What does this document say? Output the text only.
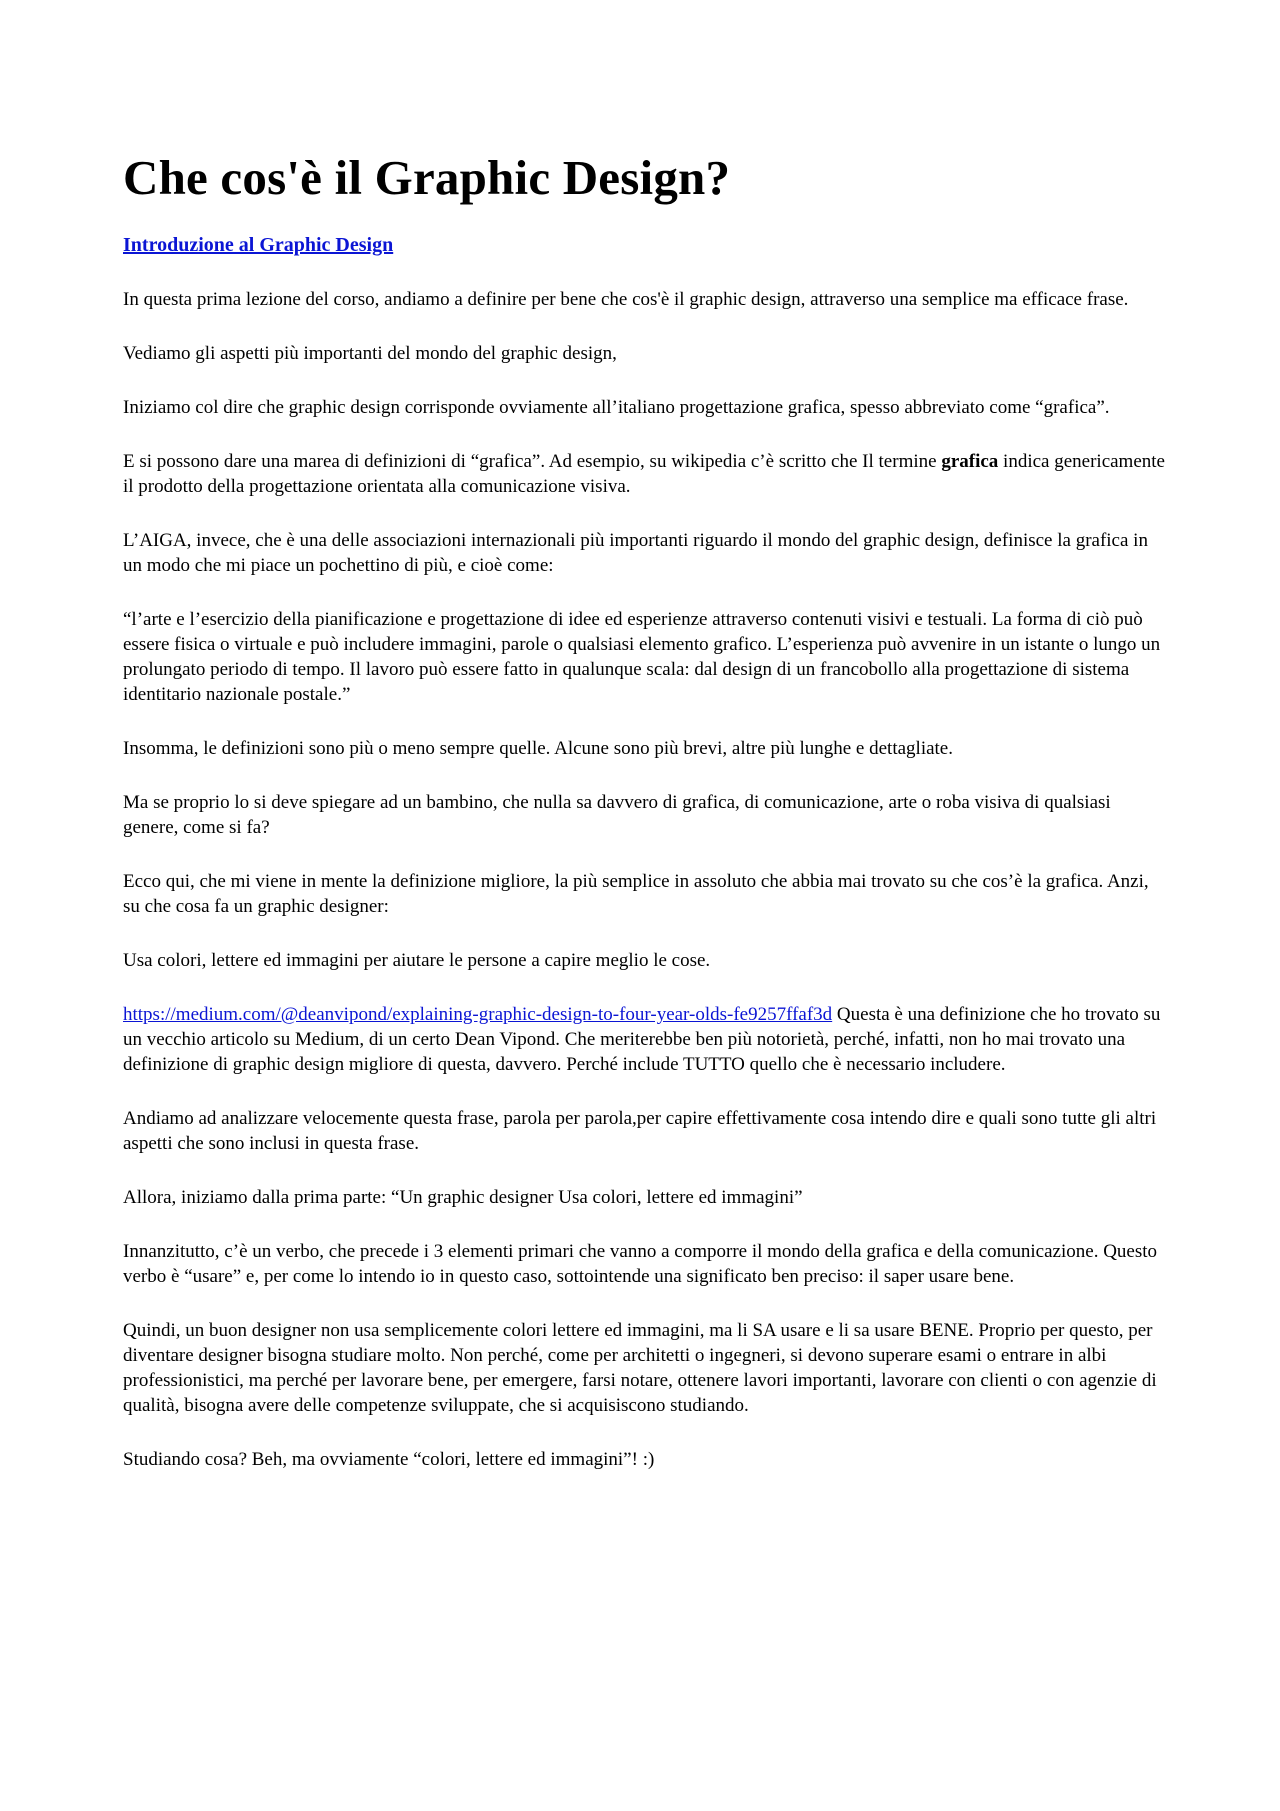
Che cos'è il Graphic Design?
Introduzione al Graphic Design

In questa prima lezione del corso, andiamo a definire per bene che cos'è il graphic design, attraverso una semplice ma efficace frase.

Vediamo gli aspetti più importanti del mondo del graphic design,

Iniziamo col dire che graphic design corrisponde ovviamente all’italiano progettazione grafica, spesso abbreviato come “grafica”.

E si possono dare una marea di definizioni di “grafica”. Ad esempio, su wikipedia c’è scritto che Il termine grafica indica genericamente il prodotto della progettazione orientata alla comunicazione visiva.

L’AIGA, invece, che è una delle associazioni internazionali più importanti riguardo il mondo del graphic design, definisce la grafica in un modo che mi piace un pochettino di più, e cioè come:

“l’arte e l’esercizio della pianificazione e progettazione di idee ed esperienze attraverso contenuti visivi e testuali. La forma di ciò può essere fisica o virtuale e può includere immagini, parole o qualsiasi elemento grafico. L’esperienza può avvenire in un istante o lungo un prolungato periodo di tempo. Il lavoro può essere fatto in qualunque scala: dal design di un francobollo alla progettazione di sistema identitario nazionale postale.”

Insomma, le definizioni sono più o meno sempre quelle. Alcune sono più brevi, altre più lunghe e dettagliate.

Ma se proprio lo si deve spiegare ad un bambino, che nulla sa davvero di grafica, di comunicazione, arte o roba visiva di qualsiasi genere, come si fa?

Ecco qui, che mi viene in mente la definizione migliore, la più semplice in assoluto che abbia mai trovato su che cos’è la grafica. Anzi, su che cosa fa un graphic designer:

Usa colori, lettere ed immagini per aiutare le persone a capire meglio le cose.

https://medium.com/@deanvipond/explaining-graphic-design-to-four-year-olds-fe9257ffaf3d Questa è una definizione che ho trovato su un vecchio articolo su Medium, di un certo Dean Vipond. Che meriterebbe ben più notorietà, perché, infatti, non ho mai trovato una definizione di graphic design migliore di questa, davvero. Perché include TUTTO quello che è necessario includere.

Andiamo ad analizzare velocemente questa frase, parola per parola,per capire effettivamente cosa intendo dire e quali sono tutte gli altri aspetti che sono inclusi in questa frase.

Allora, iniziamo dalla prima parte: “Un graphic designer Usa colori, lettere ed immagini”

Innanzitutto, c’è un verbo, che precede i 3 elementi primari che vanno a comporre il mondo della grafica e della comunicazione. Questo verbo è “usare” e, per come lo intendo io in questo caso, sottointende una significato ben preciso: il saper usare bene.

Quindi, un buon designer non usa semplicemente colori lettere ed immagini, ma li SA usare e li sa usare BENE. Proprio per questo, per diventare designer bisogna studiare molto. Non perché, come per architetti o ingegneri, si devono superare esami o entrare in albi professionistici, ma perché per lavorare bene, per emergere, farsi notare, ottenere lavori importanti, lavorare con clienti o con agenzie di qualità, bisogna avere delle competenze sviluppate, che si acquisiscono studiando.

Studiando cosa? Beh, ma ovviamente “colori, lettere ed immagini”! :)
